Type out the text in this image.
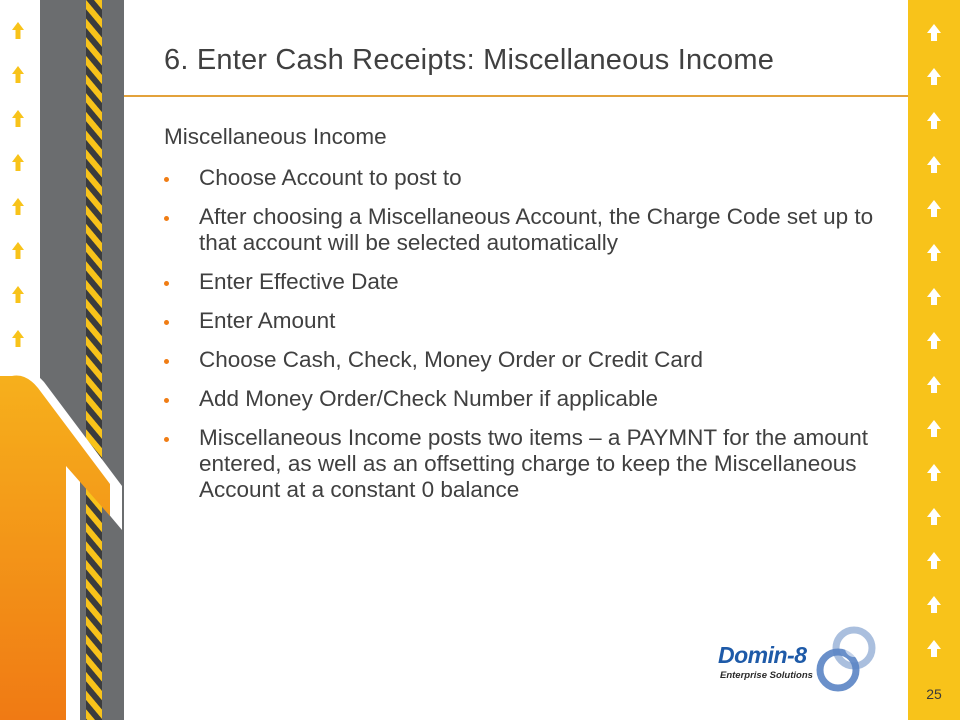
6. Enter Cash Receipts: Miscellaneous Income

Miscellaneous Income

Choose Account to post to
After choosing a Miscellaneous Account, the Charge Code set up to that account will be selected automatically
Enter Effective Date
Enter Amount
Choose Cash, Check, Money Order or Credit Card
Add Money Order/Check Number if applicable
Miscellaneous Income posts two items – a PAYMNT for the amount entered, as well as an offsetting charge to keep the Miscellaneous Account at a constant 0 balance
Domin-8
Enterprise Solutions
25
